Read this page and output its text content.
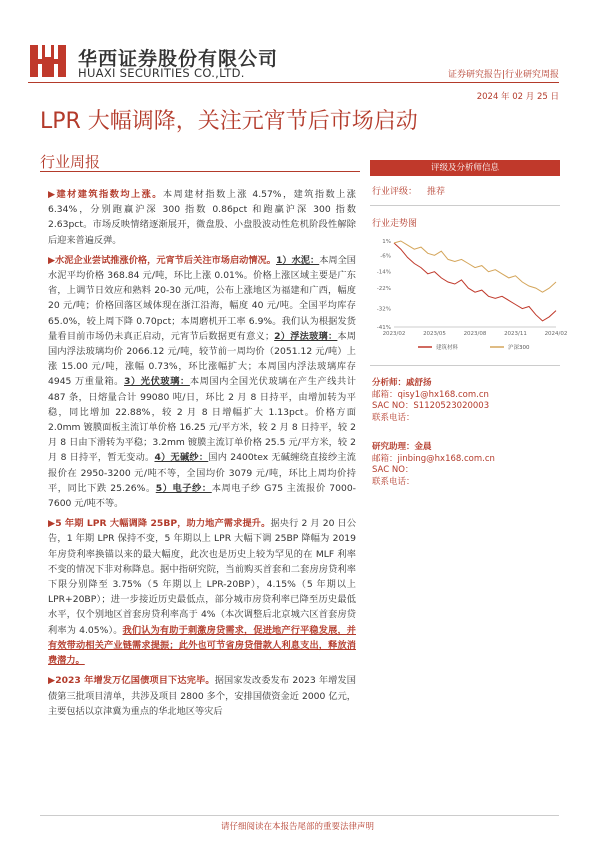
华西证券股份有限公司
HUAXI SECURITIES CO.,LTD.	证券研究报告|行业研究周报
2024 年 02 月 25 日
LPR 大幅调降，关注元宵节后市场启动
行业周报

▶建材建筑指数均上涨。本周建材指数上涨 4.57%，建筑指数上涨 6.34%，分别跑赢沪深 300 指数 0.86pct 和跑赢沪深 300 指数 2.63pct。市场反映情绪逐渐展开，微盘股、小盘股波动性危机阶段性解除后迎来普遍反弹。

▶水泥企业尝试推涨价格，元宵节后关注市场启动情况。1）水泥：本周全国水泥平均价格 368.84 元/吨，环比上涨 0.01%。价格上涨区域主要是广东省，上调节日效应和熟料 20-30 元/吨，公布上涨地区为福建和广西，幅度 20 元/吨；价格回落区域体现在浙江沿海，幅度 40 元/吨。全国平均库存 65.0%，较上周下降 0.70pct；本周磨机开工率 6.9%。我们认为根据发货量看目前市场仍未真正启动，元宵节后数据更有意义；2）浮法玻璃：本周国内浮法玻璃均价 2066.12 元/吨，较节前一周均价（2051.12 元/吨）上涨 15.00 元/吨，涨幅 0.73%，环比涨幅扩大；本周国内浮法玻璃库存 4945 万重量箱。3）光伏玻璃：本周国内全国光伏玻璃在产生产线共计 487 条，日熔量合计 99080 吨/日，环比 2 月 8 日持平，由增加转为平稳，同比增加 22.88%，较 2 月 8 日增幅扩大 1.13pct。价格方面 2.0mm 镀膜面板主流订单价格 16.25 元/平方米，较 2 月 8 日持平，较 2 月 8 日由下滑转为平稳；3.2mm 镀膜主流订单价格 25.5 元/平方米，较 2 月 8 日持平，暂无变动。4）无碱纱：国内 2400tex 无碱缠绕直接纱主流报价在 2950-3200 元/吨不等，全国均价 3079 元/吨，环比上周均价持平，同比下跌 25.26%。5）电子纱：本周电子纱 G75 主流报价 7000-7600 元/吨不等。

▶5 年期 LPR 大幅调降 25BP，助力地产需求提升。据央行 2 月 20 日公告，1 年期 LPR 保持不变，5 年期以上 LPR 大幅下调 25BP 降幅为 2019 年房贷利率换锚以来的最大幅度，此次也是历史上较为罕见的在 MLF 利率不变的情况下非对称降息。据中指研究院，当前购买首套和二套房房贷利率下限分别降至 3.75%（5 年期以上 LPR-20BP），4.15%（5 年期以上 LPR+20BP）；进一步接近历史最低点，部分城市房贷利率已降至历史最低水平，仅个别地区首套房贷利率高于 4%（本次调整后北京城六区首套房贷利率为 4.05%）。我们认为有助于刺激房贷需求，促进地产行平稳发展，并有效带动相关产业链需求提振；此外也可节省房贷借款人利息支出，释放消费潜力。

▶2023 年增发万亿国债项目下达完毕。据国家发改委发布 2023 年增发国债第三批项目清单，共涉及项目 2800 多个，安排国债资金近 2000 亿元，主要包括以京津冀为重点的华北地区等灾后

评级及分析师信息
行业评级： 推荐
行业走势图
1%
-6%
-14%
-22%
-32%
-41%
2023/02	2023/05	2023/08	2023/11	2024/02
建筑材料	沪深300
分析师：戚舒扬
邮箱：qisy1@hx168.com.cn
SAC NO：S1120523020003
联系电话：
研究助理：金晨
邮箱：jinbing@hx168.com.cn
SAC NO：
联系电话：
请仔细阅读在本报告尾部的重要法律声明
